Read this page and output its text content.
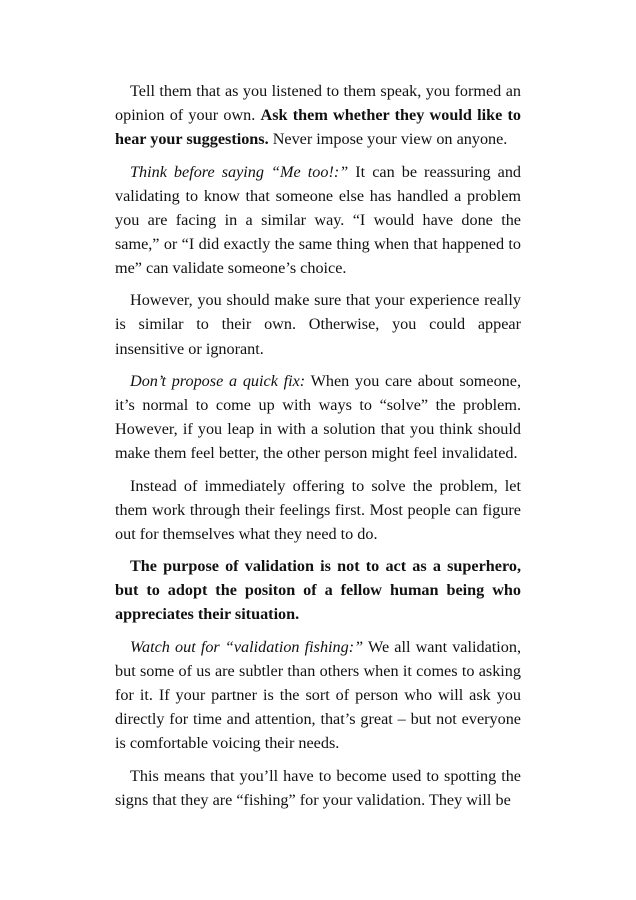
Tell them that as you listened to them speak, you formed an opinion of your own. Ask them whether they would like to hear your suggestions. Never impose your view on anyone.

Think before saying “Me too!:” It can be reassuring and validating to know that someone else has handled a problem you are facing in a similar way. “I would have done the same,” or “I did exactly the same thing when that happened to me” can validate someone’s choice.

However, you should make sure that your experience really is similar to their own. Otherwise, you could appear insensitive or ignorant.

Don’t propose a quick fix: When you care about someone, it’s normal to come up with ways to “solve” the problem. However, if you leap in with a solution that you think should make them feel better, the other person might feel invalidated.

Instead of immediately offering to solve the problem, let them work through their feelings first. Most people can figure out for themselves what they need to do.

The purpose of validation is not to act as a superhero, but to adopt the positon of a fellow human being who appreciates their situation.

Watch out for “validation fishing:” We all want validation, but some of us are subtler than others when it comes to asking for it. If your partner is the sort of person who will ask you directly for time and attention, that’s great – but not everyone is comfortable voicing their needs.

This means that you’ll have to become used to spotting the signs that they are “fishing” for your validation. They will be
